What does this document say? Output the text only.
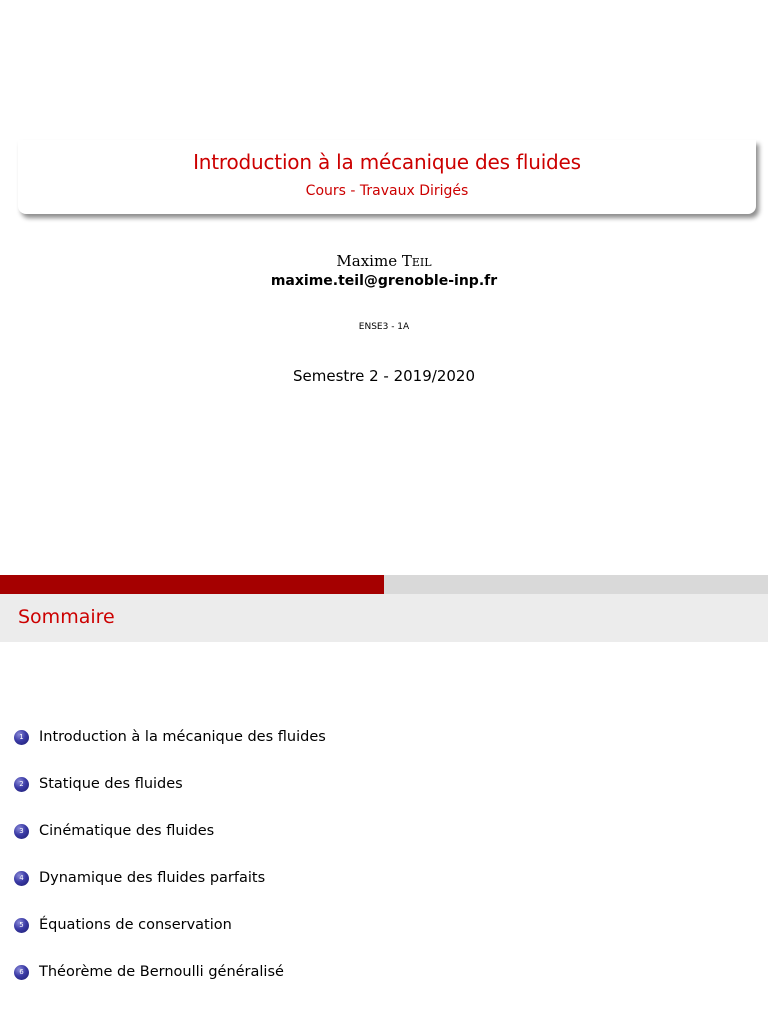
Introduction à la mécanique des fluides
Cours - Travaux Dirigés
Maxime Teil
maxime.teil@grenoble-inp.fr
ENSE3 - 1A
Semestre 2 - 2019/2020
Sommaire
1	Introduction à la mécanique des fluides
2	Statique des fluides
3	Cinématique des fluides
4	Dynamique des fluides parfaits
5	Équations de conservation
6	Théorème de Bernoulli généralisé
